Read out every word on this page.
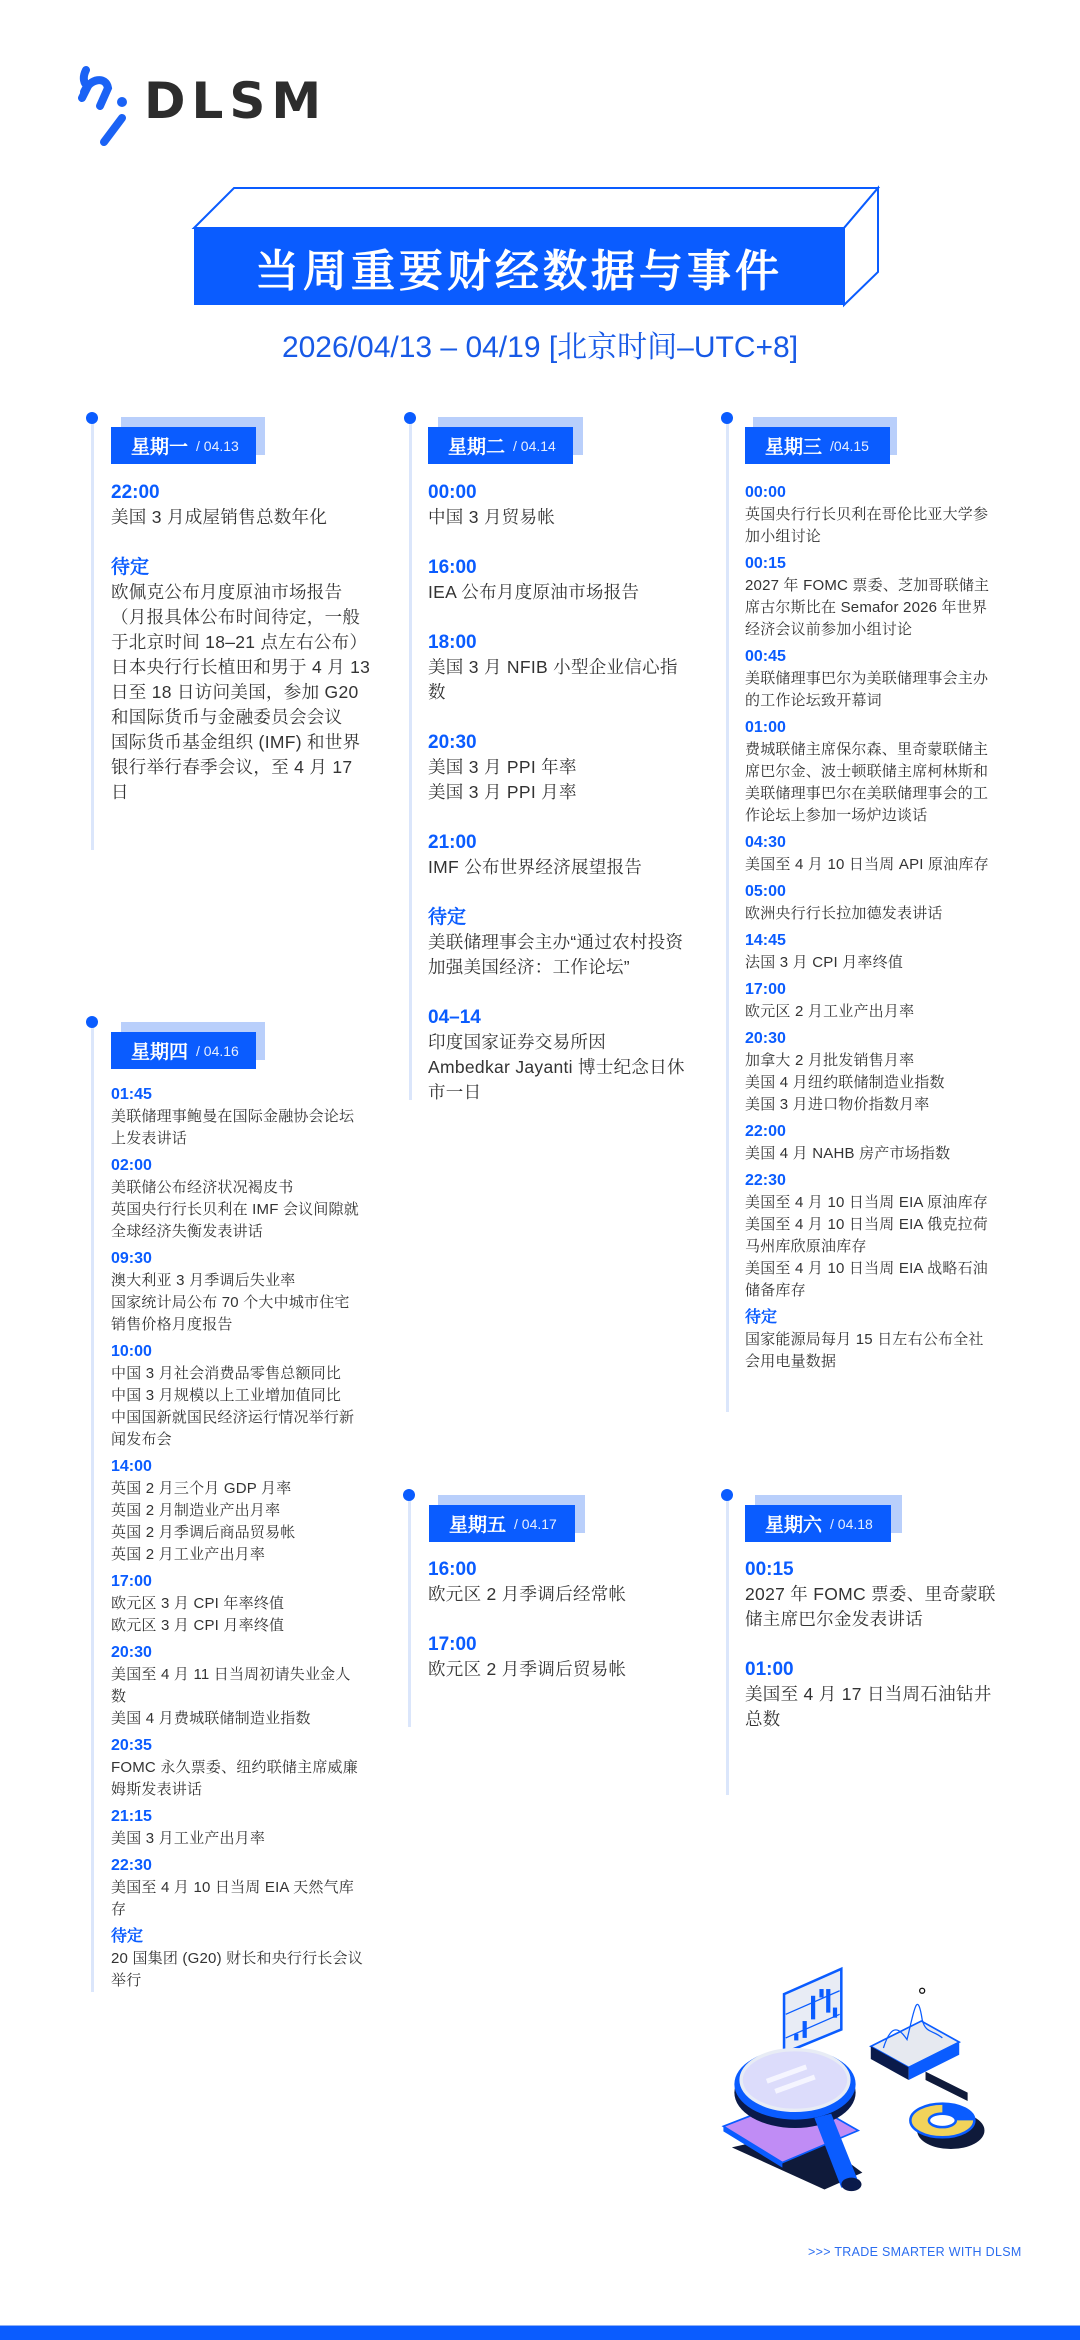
DLSM
当周重要财经数据与事件
2026/04/13 – 04/19 [北京时间–UTC+8]
星期一 / 04.13
22:00
美国 3 月成屋销售总数年化
待定
欧佩克公布月度原油市场报告（月报具体公布时间待定，一般于北京时间 18–21 点左右公布）
日本央行行长植田和男于 4 月 13 日至 18 日访问美国，参加 G20 和国际货币与金融委员会会议
国际货币基金组织 (IMF) 和世界银行举行春季会议，至 4 月 17 日
星期二 / 04.14
00:00
中国 3 月贸易帐
16:00
IEA 公布月度原油市场报告
18:00
美国 3 月 NFIB 小型企业信心指数
20:30
美国 3 月 PPI 年率
美国 3 月 PPI 月率
21:00
IMF 公布世界经济展望报告
待定
美联储理事会主办“通过农村投资加强美国经济：工作论坛”
04–14
印度国家证券交易所因 Ambedkar Jayanti 博士纪念日休市一日
星期三 /04.15
00:00
英国央行行长贝利在哥伦比亚大学参加小组讨论
00:15
2027 年 FOMC 票委、芝加哥联储主席古尔斯比在 Semafor 2026 年世界经济会议前参加小组讨论
00:45
美联储理事巴尔为美联储理事会主办的工作论坛致开幕词
01:00
费城联储主席保尔森、里奇蒙联储主席巴尔金、波士顿联储主席柯林斯和美联储理事巴尔在美联储理事会的工作论坛上参加一场炉边谈话
04:30
美国至 4 月 10 日当周 API 原油库存
05:00
欧洲央行行长拉加德发表讲话
14:45
法国 3 月 CPI 月率终值
17:00
欧元区 2 月工业产出月率
20:30
加拿大 2 月批发销售月率
美国 4 月纽约联储制造业指数
美国 3 月进口物价指数月率
22:00
美国 4 月 NAHB 房产市场指数
22:30
美国至 4 月 10 日当周 EIA 原油库存
美国至 4 月 10 日当周 EIA 俄克拉荷马州库欣原油库存
美国至 4 月 10 日当周 EIA 战略石油储备库存
待定
国家能源局每月 15 日左右公布全社会用电量数据
星期四 / 04.16
01:45
美联储理事鲍曼在国际金融协会论坛上发表讲话
02:00
美联储公布经济状况褐皮书
英国央行行长贝利在 IMF 会议间隙就全球经济失衡发表讲话
09:30
澳大利亚 3 月季调后失业率
国家统计局公布 70 个大中城市住宅销售价格月度报告
10:00
中国 3 月社会消费品零售总额同比
中国 3 月规模以上工业增加值同比
中国国新就国民经济运行情况举行新闻发布会
14:00
英国 2 月三个月 GDP 月率
英国 2 月制造业产出月率
英国 2 月季调后商品贸易帐
英国 2 月工业产出月率
17:00
欧元区 3 月 CPI 年率终值
欧元区 3 月 CPI 月率终值
20:30
美国至 4 月 11 日当周初请失业金人数
美国 4 月费城联储制造业指数
20:35
FOMC 永久票委、纽约联储主席威廉姆斯发表讲话
21:15
美国 3 月工业产出月率
22:30
美国至 4 月 10 日当周 EIA 天然气库存
待定
20 国集团 (G20) 财长和央行行长会议举行
星期五 / 04.17
16:00
欧元区 2 月季调后经常帐
17:00
欧元区 2 月季调后贸易帐
星期六 / 04.18
00:15
2027 年 FOMC 票委、里奇蒙联储主席巴尔金发表讲话
01:00
美国至 4 月 17 日当周石油钻井总数
>>> TRADE SMARTER WITH DLSM
